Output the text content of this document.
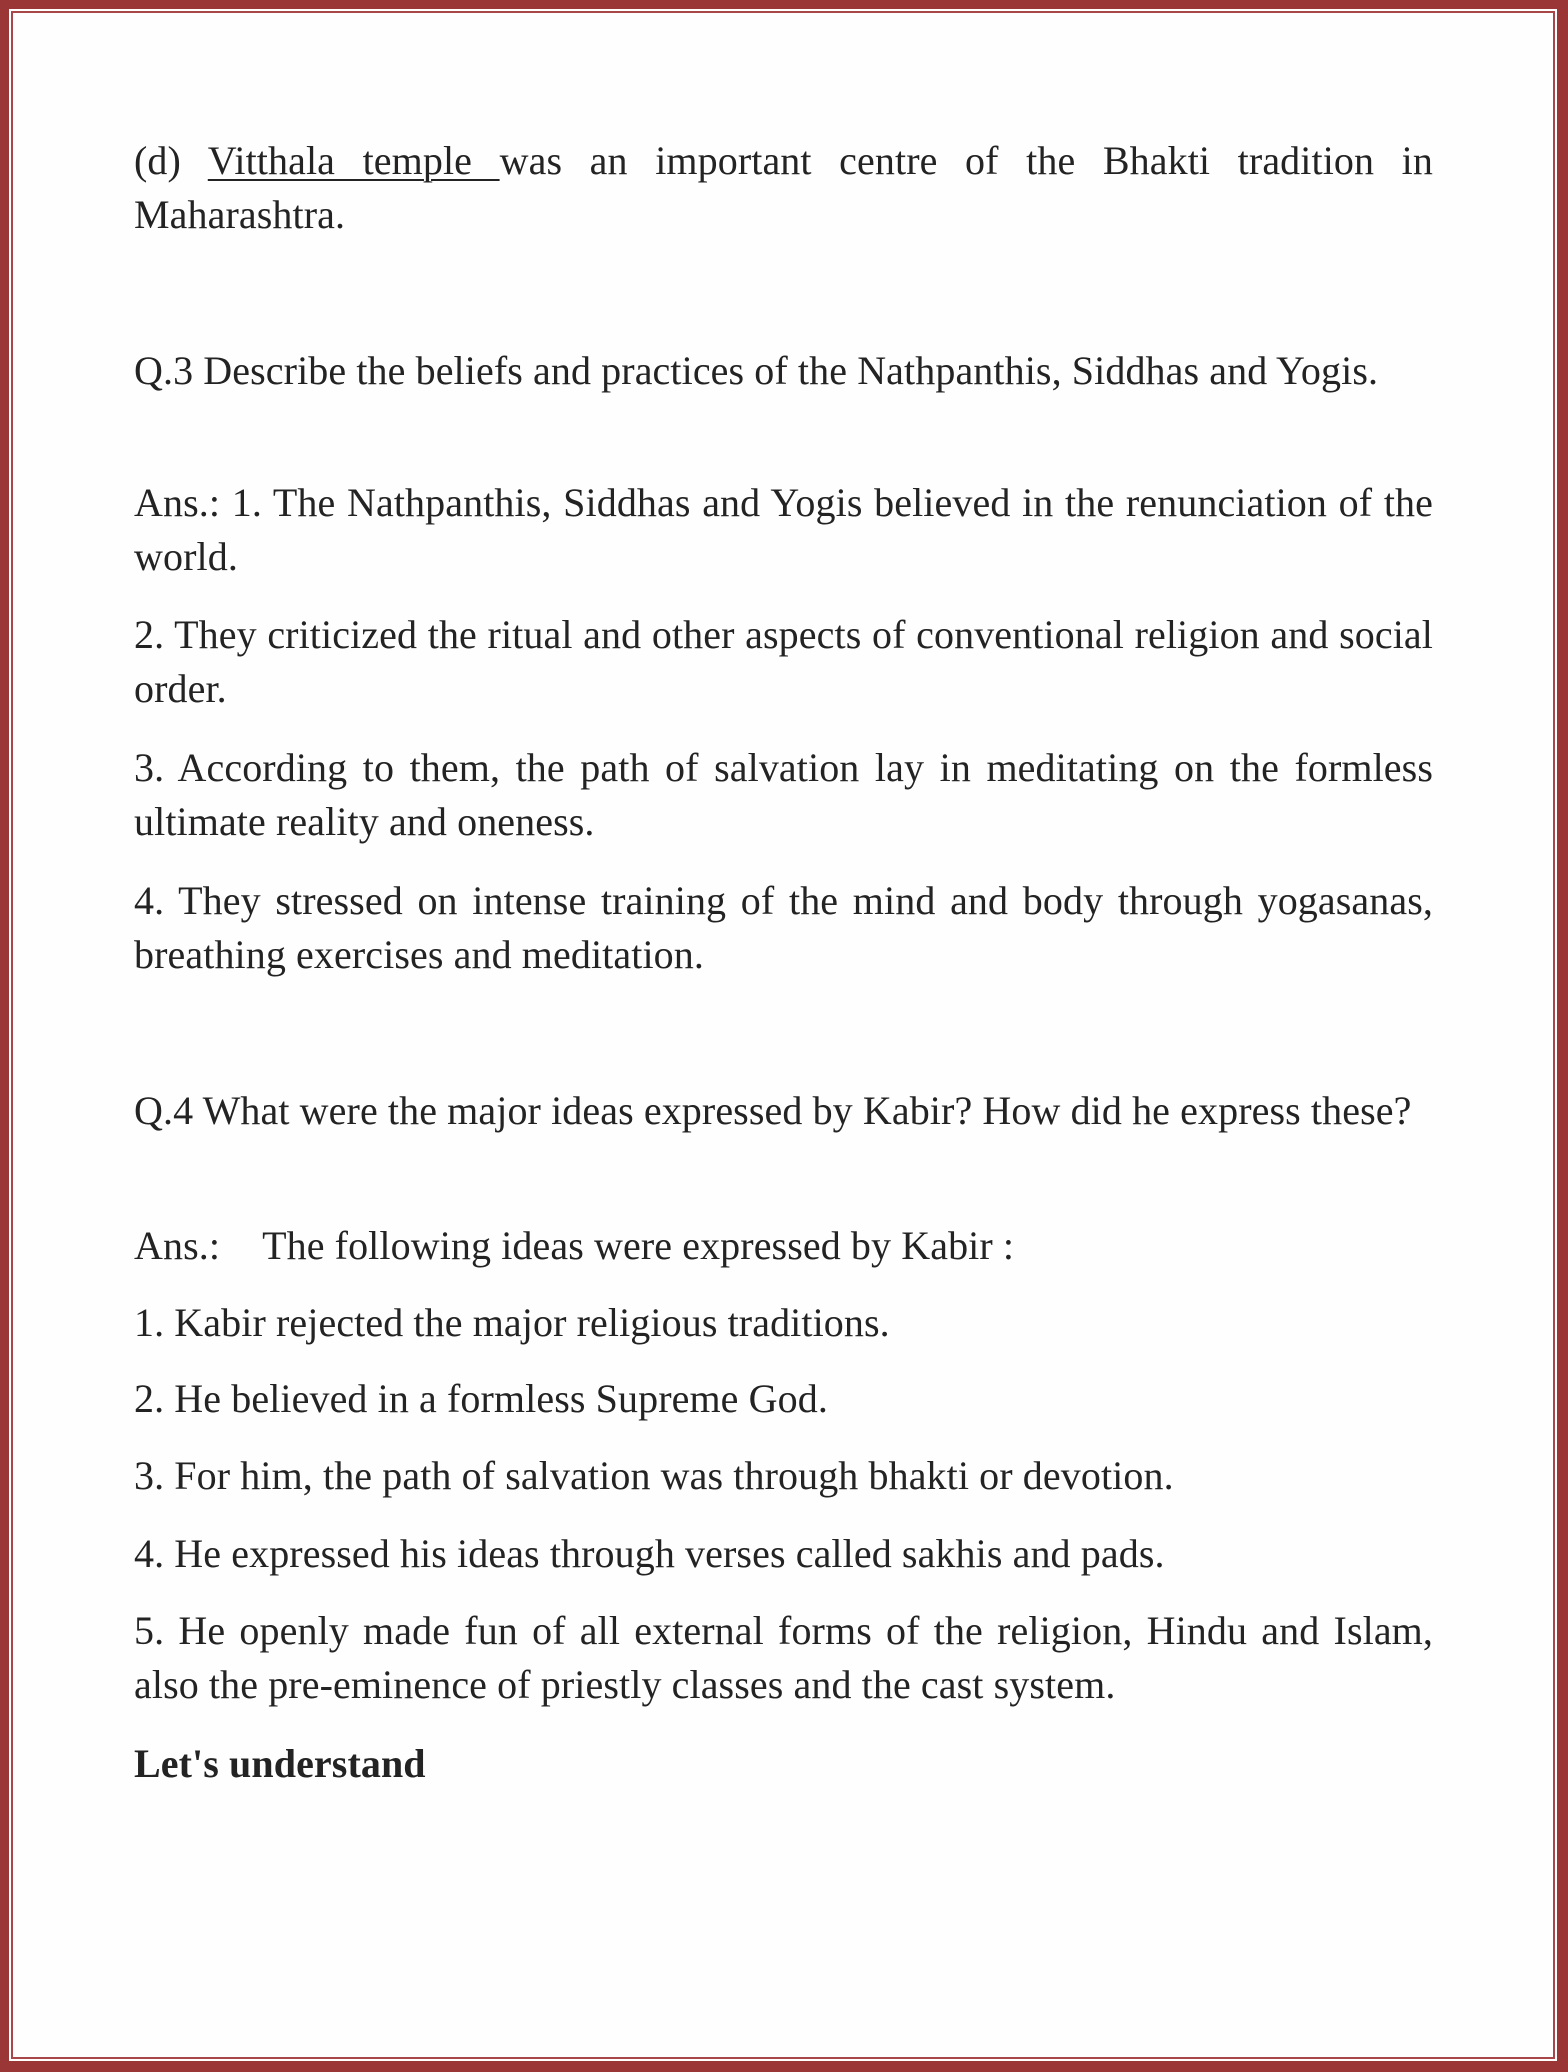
(d) Vitthala temple was an important centre of the Bhakti tradition in Maharashtra.

Q.3 Describe the beliefs and practices of the Nathpanthis, Siddhas and Yogis.

Ans.: 1. The Nathpanthis, Siddhas and Yogis believed in the renunciation of the world.

2. They criticized the ritual and other aspects of conventional religion and social order.

3. According to them, the path of salvation lay in meditating on the formless ultimate reality and oneness.

4. They stressed on intense training of the mind and body through yogasanas, breathing exercises and meditation.

Q.4 What were the major ideas expressed by Kabir? How did he express these?

Ans.: The following ideas were expressed by Kabir :

1. Kabir rejected the major religious traditions.

2. He believed in a formless Supreme God.

3. For him, the path of salvation was through bhakti or devotion.

4. He expressed his ideas through verses called sakhis and pads.

5. He openly made fun of all external forms of the religion, Hindu and Islam, also the pre-eminence of priestly classes and the cast system.

Let's understand
